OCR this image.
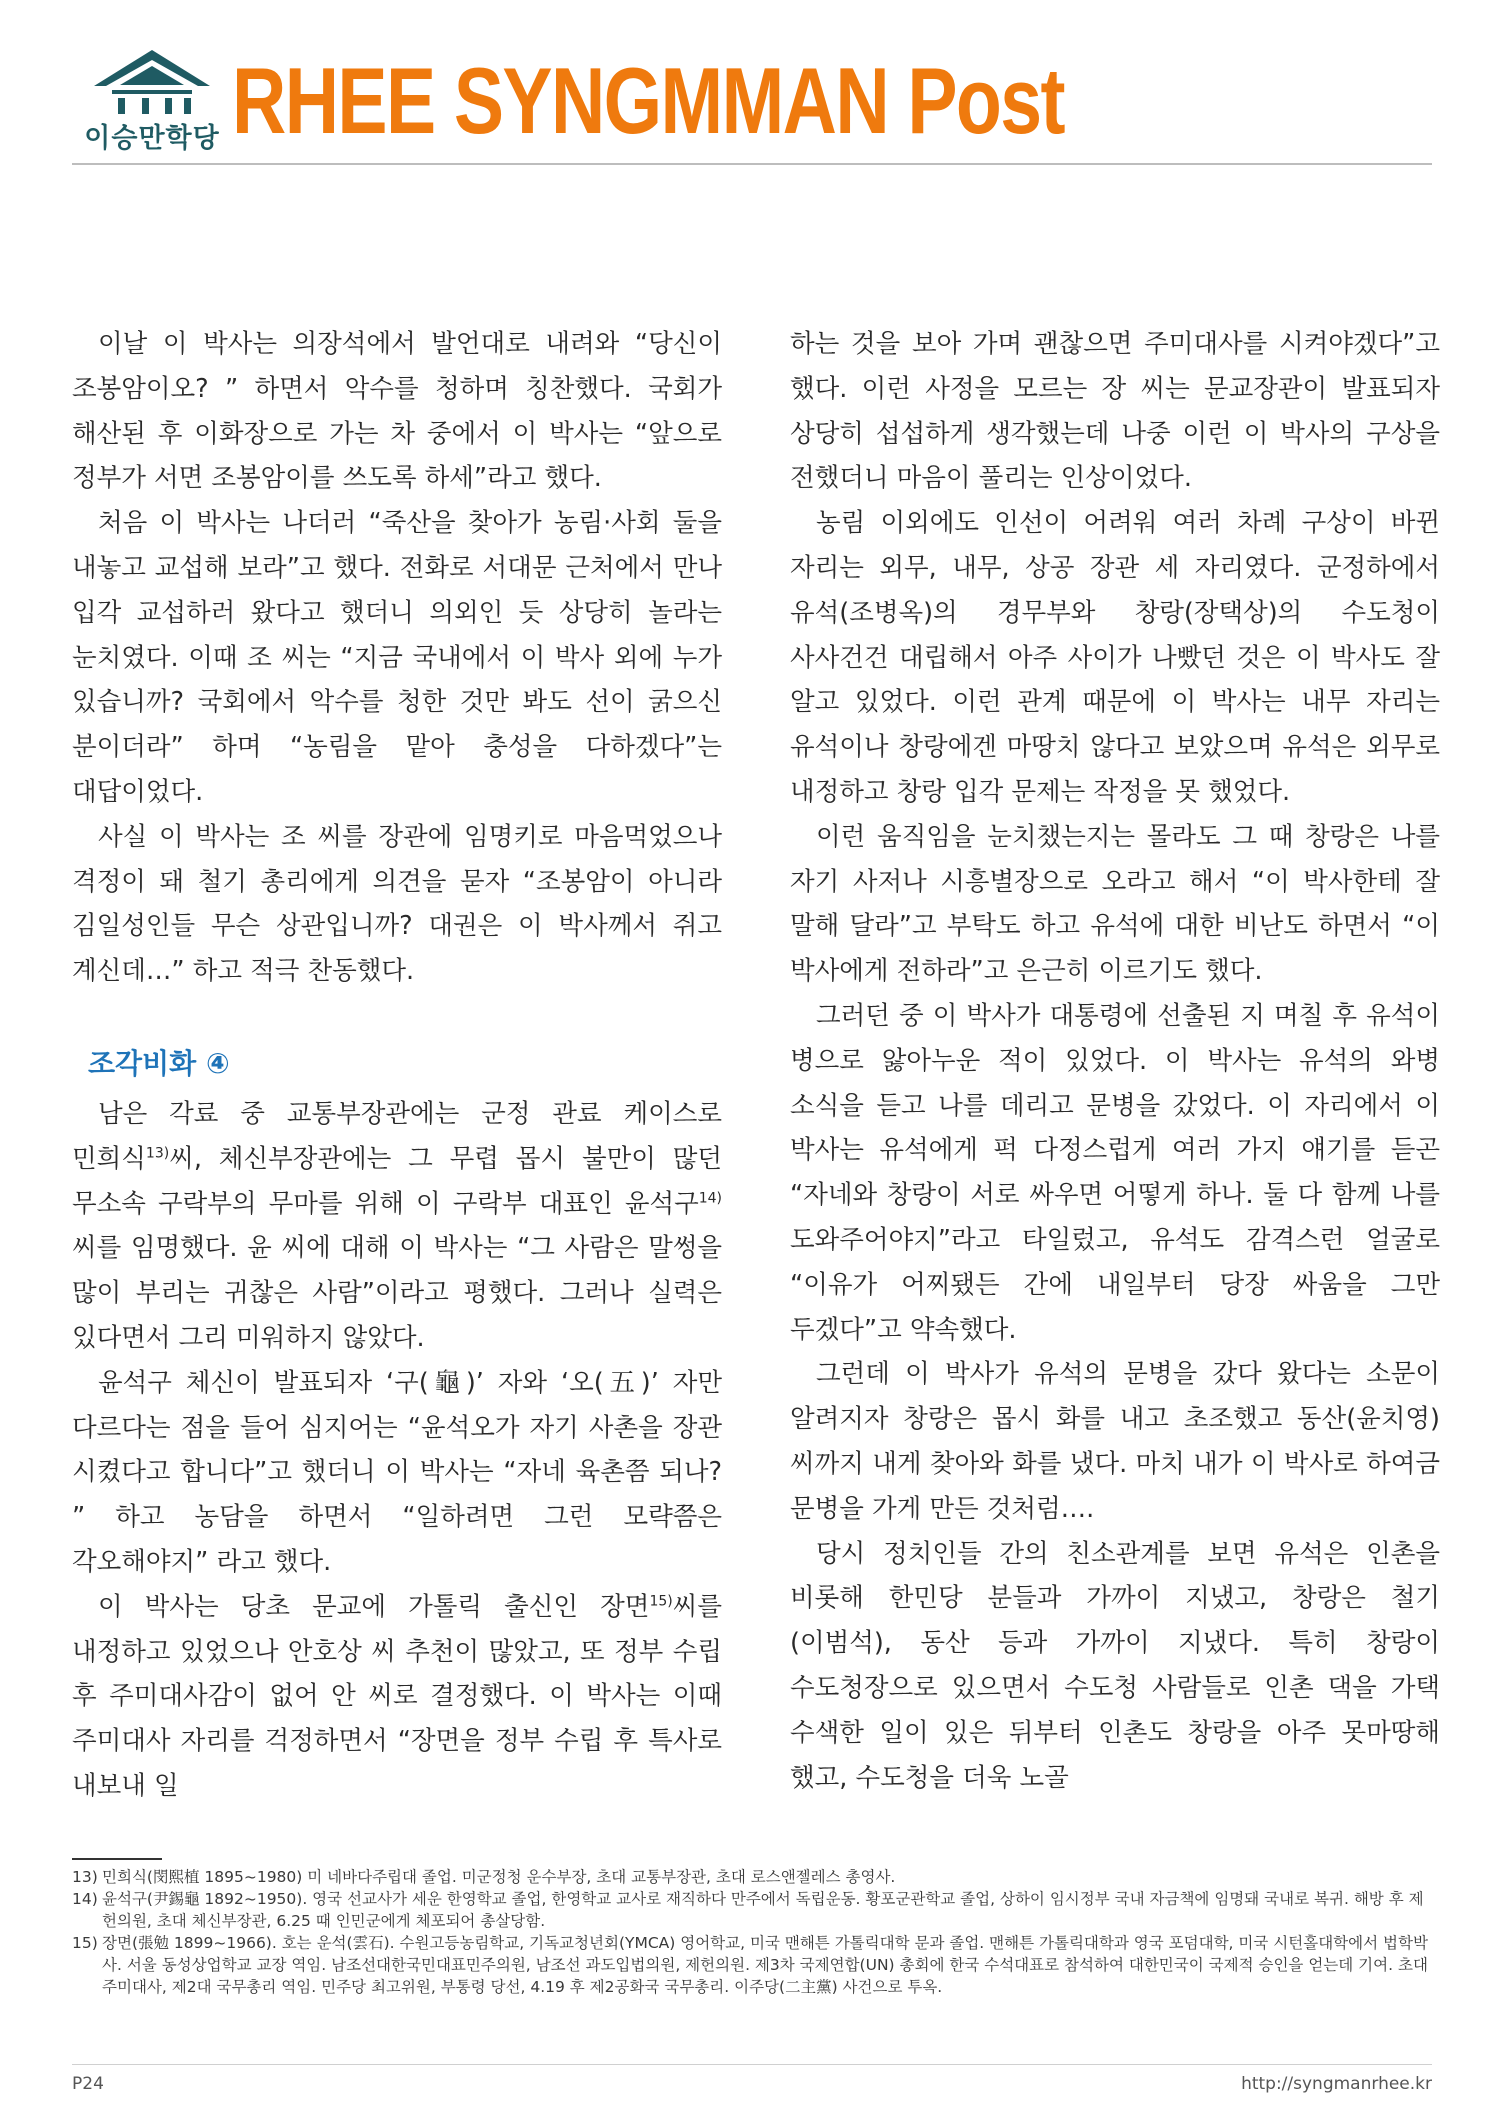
이승만학당 RHEE SYNGMMAN Post

이날 이 박사는 의장석에서 발언대로 내려와 “당신이 조봉암이오? ” 하면서 악수를 청하며 칭찬했다. 국회가 해산된 후 이화장으로 가는 차 중에서 이 박사는 “앞으로 정부가 서면 조봉암이를 쓰도록 하세”라고 했다.

처음 이 박사는 나더러 “죽산을 찾아가 농림·사회 둘을 내놓고 교섭해 보라”고 했다. 전화로 서대문 근처에서 만나 입각 교섭하러 왔다고 했더니 의외인 듯 상당히 놀라는 눈치였다. 이때 조 씨는 “지금 국내에서 이 박사 외에 누가 있습니까? 국회에서 악수를 청한 것만 봐도 선이 굵으신 분이더라” 하며 “농림을 맡아 충성을 다하겠다”는 대답이었다.

사실 이 박사는 조 씨를 장관에 임명키로 마음먹었으나 격정이 돼 철기 총리에게 의견을 묻자 “조봉암이 아니라 김일성인들 무슨 상관입니까? 대권은 이 박사께서 쥐고 계신데…” 하고 적극 찬동했다.

조각비화 ④

남은 각료 중 교통부장관에는 군정 관료 케이스로 민희식$^{13)}$씨, 체신부장관에는 그 무렵 몹시 불만이 많던 무소속 구락부의 무마를 위해 이 구락부 대표인 윤석구$^{14)}$ 씨를 임명했다. 윤 씨에 대해 이 박사는 “그 사람은 말썽을 많이 부리는 귀찮은 사람”이라고 평했다. 그러나 실력은 있다면서 그리 미워하지 않았다.

윤석구 체신이 발표되자 ‘구(龜)’ 자와 ‘오(五)’ 자만 다르다는 점을 들어 심지어는 “윤석오가 자기 사촌을 장관 시켰다고 합니다”고 했더니 이 박사는 “자네 육촌쯤 되나? ” 하고 농담을 하면서 “일하려면 그런 모략쯤은 각오해야지” 라고 했다.

이 박사는 당초 문교에 가톨릭 출신인 장면$^{15)}$씨를 내정하고 있었으나 안호상 씨 추천이 많았고, 또 정부 수립 후 주미대사감이 없어 안 씨로 결정했다. 이 박사는 이때 주미대사 자리를 걱정하면서 “장면을 정부 수립 후 특사로 내보내 일

하는 것을 보아 가며 괜찮으면 주미대사를 시켜야겠다”고 했다. 이런 사정을 모르는 장 씨는 문교장관이 발표되자 상당히 섭섭하게 생각했는데 나중 이런 이 박사의 구상을 전했더니 마음이 풀리는 인상이었다.

농림 이외에도 인선이 어려워 여러 차례 구상이 바뀐 자리는 외무, 내무, 상공 장관 세 자리였다. 군정하에서 유석(조병옥)의 경무부와 창랑(장택상)의 수도청이 사사건건 대립해서 아주 사이가 나빴던 것은 이 박사도 잘 알고 있었다. 이런 관계 때문에 이 박사는 내무 자리는 유석이나 창랑에겐 마땅치 않다고 보았으며 유석은 외무로 내정하고 창랑 입각 문제는 작정을 못 했었다.

이런 움직임을 눈치챘는지는 몰라도 그 때 창랑은 나를 자기 사저나 시흥별장으로 오라고 해서 “이 박사한테 잘 말해 달라”고 부탁도 하고 유석에 대한 비난도 하면서 “이 박사에게 전하라”고 은근히 이르기도 했다.

그러던 중 이 박사가 대통령에 선출된 지 며칠 후 유석이 병으로 앓아누운 적이 있었다. 이 박사는 유석의 와병 소식을 듣고 나를 데리고 문병을 갔었다. 이 자리에서 이 박사는 유석에게 퍽 다정스럽게 여러 가지 얘기를 듣곤 “자네와 창랑이 서로 싸우면 어떻게 하나. 둘 다 함께 나를 도와주어야지”라고 타일렀고, 유석도 감격스런 얼굴로 “이유가 어찌됐든 간에 내일부터 당장 싸움을 그만 두겠다”고 약속했다.

그런데 이 박사가 유석의 문병을 갔다 왔다는 소문이 알려지자 창랑은 몹시 화를 내고 초조했고 동산(윤치영) 씨까지 내게 찾아와 화를 냈다. 마치 내가 이 박사로 하여금 문병을 가게 만든 것처럼….

당시 정치인들 간의 친소관계를 보면 유석은 인촌을 비롯해 한민당 분들과 가까이 지냈고, 창랑은 철기(이범석), 동산 등과 가까이 지냈다. 특히 창랑이 수도청장으로 있으면서 수도청 사람들로 인촌 댁을 가택 수색한 일이 있은 뒤부터 인촌도 창랑을 아주 못마땅해 했고, 수도청을 더욱 노골

13) 민희식(閔熙植 1895~1980) 미 네바다주립대 졸업. 미군정청 운수부장, 초대 교통부장관, 초대 로스앤젤레스 총영사.
14) 윤석구(尹錫龜 1892~1950). 영국 선교사가 세운 한영학교 졸업, 한영학교 교사로 재직하다 만주에서 독립운동. 황포군관학교 졸업, 상하이 임시정부 국내 자금책에 임명돼 국내로 복귀. 해방 후 제헌의원, 초대 체신부장관, 6.25 때 인민군에게 체포되어 총살당함.
15) 장면(張勉 1899~1966). 호는 운석(雲石). 수원고등농림학교, 기독교청년회(YMCA) 영어학교, 미국 맨해튼 가톨릭대학 문과 졸업. 맨해튼 가톨릭대학과 영국 포덤대학, 미국 시턴홀대학에서 법학박사. 서울 동성상업학교 교장 역임. 남조선대한국민대표민주의원, 남조선 과도입법의원, 제헌의원. 제3차 국제연합(UN) 총회에 한국 수석대표로 참석하여 대한민국이 국제적 승인을 얻는데 기여. 초대 주미대사, 제2대 국무총리 역임. 민주당 최고위원, 부통령 당선, 4.19 후 제2공화국 국무총리. 이주당(二主黨) 사건으로 투옥.
P24	http://syngmanrhee.kr
